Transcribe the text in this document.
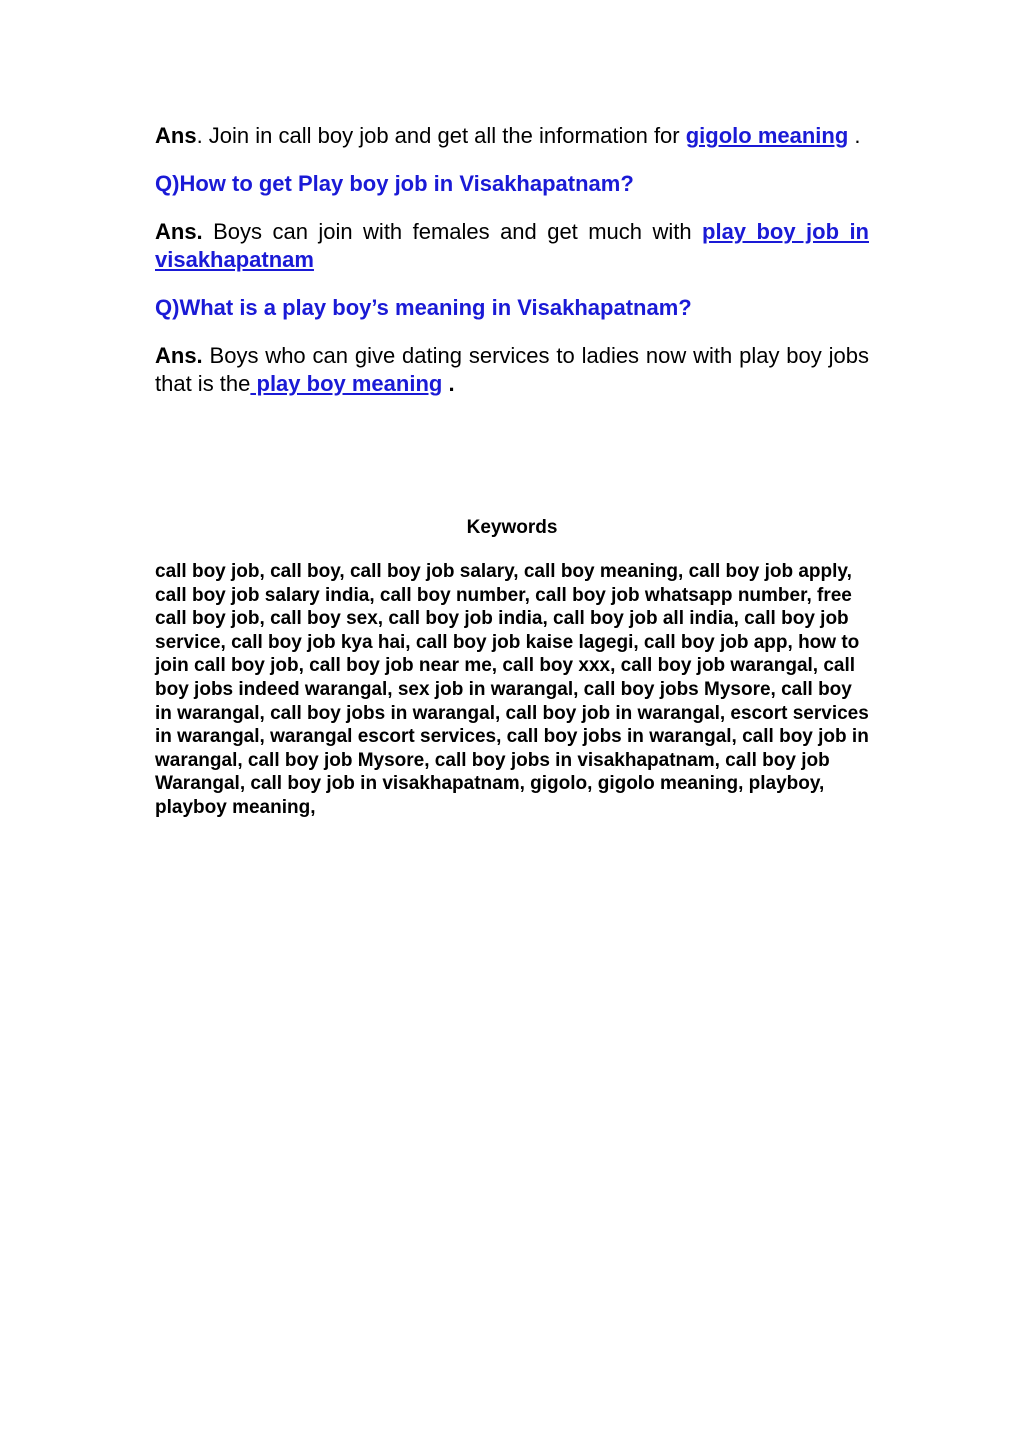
Ans. Join in call boy job and get all the information for gigolo meaning .

Q)How to get Play boy job in Visakhapatnam?

Ans. Boys can join with females and get much with play boy job in visakhapatnam

Q)What is a play boy’s meaning in Visakhapatnam?

Ans. Boys who can give dating services to ladies now with play boy jobs that is the play boy meaning .

Keywords

call boy job, call boy, call boy job salary, call boy meaning, call boy job apply, call boy job salary india, call boy number, call boy job whatsapp number, free call boy job, call boy sex, call boy job india, call boy job all india, call boy job service, call boy job kya hai, call boy job kaise lagegi, call boy job app, how to join call boy job, call boy job near me, call boy xxx, call boy job warangal, call boy jobs indeed warangal, sex job in warangal, call boy jobs Mysore, call boy in warangal, call boy jobs in warangal, call boy job in warangal, escort services in warangal, warangal escort services, call boy jobs in warangal, call boy job in warangal, call boy job Mysore, call boy jobs in visakhapatnam, call boy job Warangal, call boy job in visakhapatnam, gigolo, gigolo meaning, playboy, playboy meaning,
